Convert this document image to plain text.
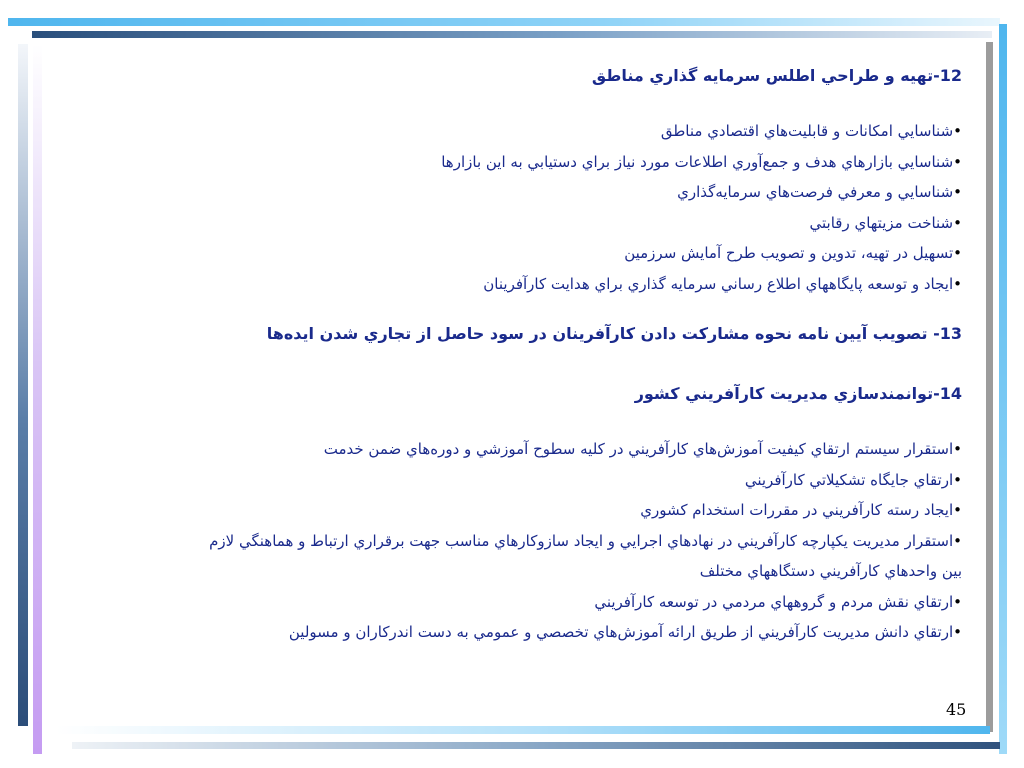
12-تهيه و طراحي اطلس سرمايه گذاري مناطق

•شناسايي امكانات و قابليت‌هاي اقتصادي مناطق

•شناسايي بازارهاي هدف و جمع‌آوري اطلاعات مورد نياز براي دستيابي به اين بازارها

•شناسايي و معرفي فرصت‌هاي سرمايه‌گذاري

•شناخت مزيتهاي رقابتي

•تسهيل در تهيه، تدوين و تصويب طرح آمايش سرزمين

•ايجاد و توسعه پايگاههاي اطلاع رساني سرمايه گذاري براي هدايت كارآفرينان

13- تصويب آيين نامه نحوه مشاركت دادن كارآفرينان در سود حاصل از تجاري شدن ايده‌ها

14-توانمندسازي مديريت كارآفريني كشور

•استقرار سيستم ارتقاي كيفيت آموزش‌هاي كارآفريني در كليه سطوح آموزشي و دوره‌هاي ضمن خدمت

•ارتقاي جايگاه تشكيلاتي كارآفريني

•ايجاد رسته كارآفريني در مقررات استخدام كشوري

•استقرار مديريت يكپارچه كارآفريني در نهادهاي اجرايي و ايجاد سازوكارهاي مناسب جهت برقراري ارتباط و هماهنگي لازم

بين واحدهاي كارآفريني دستگاههاي مختلف

•ارتقاي نقش مردم و گروههاي مردمي در توسعه كارآفريني

•ارتقاي دانش مديريت كارآفريني از طريق ارائه آموزش‌هاي تخصصي و عمومي به دست اندركاران و مسولين

45
